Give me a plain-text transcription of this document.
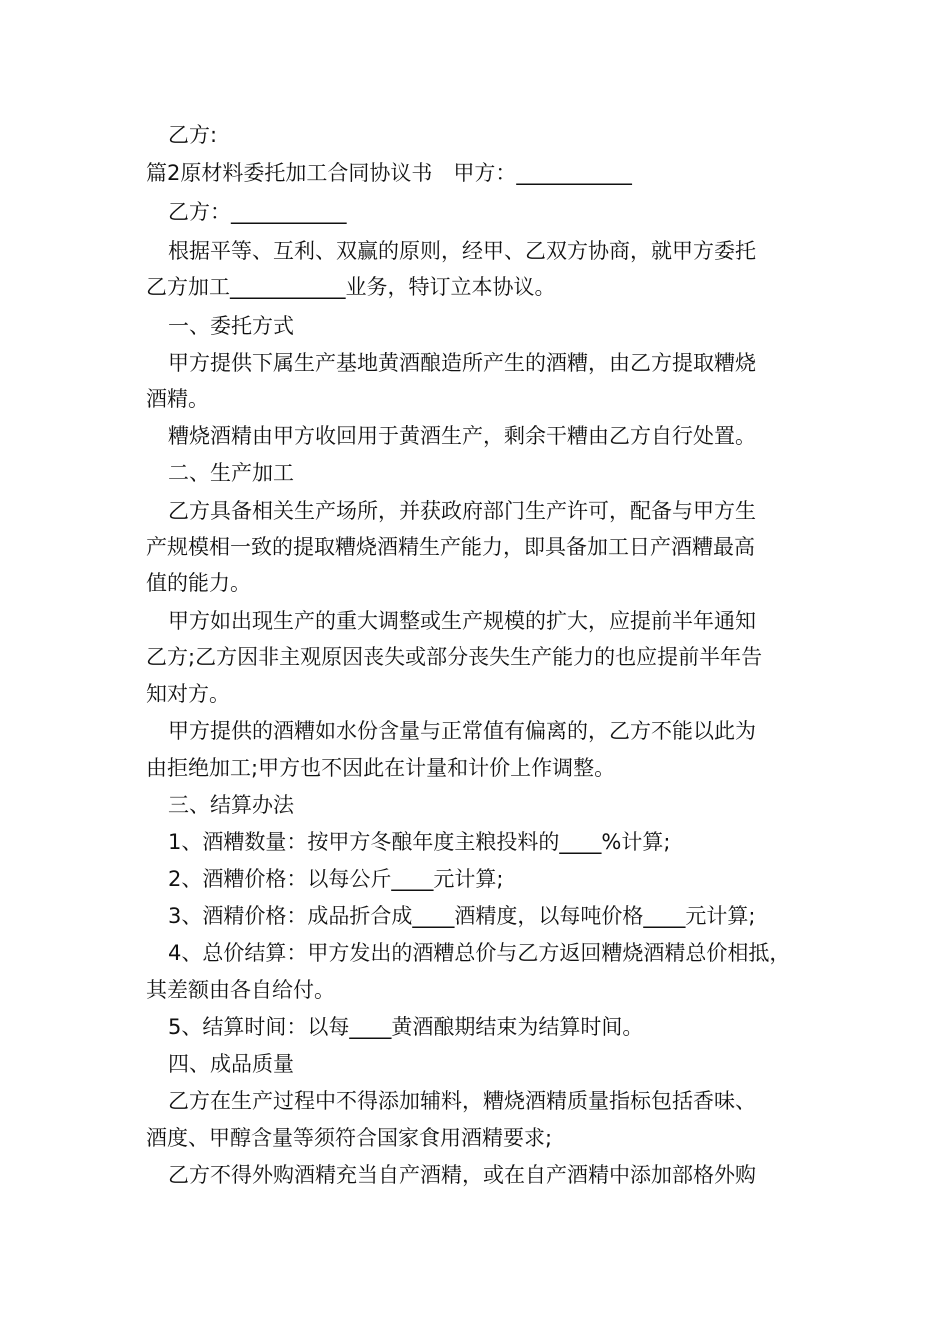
乙方:
篇2原材料委托加工合同协议书　甲方：___________
乙方：___________
根据平等、互利、双赢的原则，经甲、乙双方协商，就甲方委托
乙方加工___________业务，特订立本协议。
一、委托方式
甲方提供下属生产基地黄酒酿造所产生的酒糟，由乙方提取糟烧
酒精。
糟烧酒精由甲方收回用于黄酒生产，剩余干糟由乙方自行处置。
二、生产加工
乙方具备相关生产场所，并获政府部门生产许可，配备与甲方生
产规模相一致的提取糟烧酒精生产能力，即具备加工日产酒糟最高
值的能力。
甲方如出现生产的重大调整或生产规模的扩大，应提前半年通知
乙方;乙方因非主观原因丧失或部分丧失生产能力的也应提前半年告
知对方。
甲方提供的酒糟如水份含量与正常值有偏离的，乙方不能以此为
由拒绝加工;甲方也不因此在计量和计价上作调整。
三、结算办法
1、酒糟数量：按甲方冬酿年度主粮投料的____%计算;
2、酒糟价格：以每公斤____元计算;
3、酒精价格：成品折合成____酒精度，以每吨价格____元计算;
4、总价结算：甲方发出的酒糟总价与乙方返回糟烧酒精总价相抵，
其差额由各自给付。
5、结算时间：以每____黄酒酿期结束为结算时间。
四、成品质量
乙方在生产过程中不得添加辅料，糟烧酒精质量指标包括香味、
酒度、甲醇含量等须符合国家食用酒精要求;
乙方不得外购酒精充当自产酒精，或在自产酒精中添加部格外购
